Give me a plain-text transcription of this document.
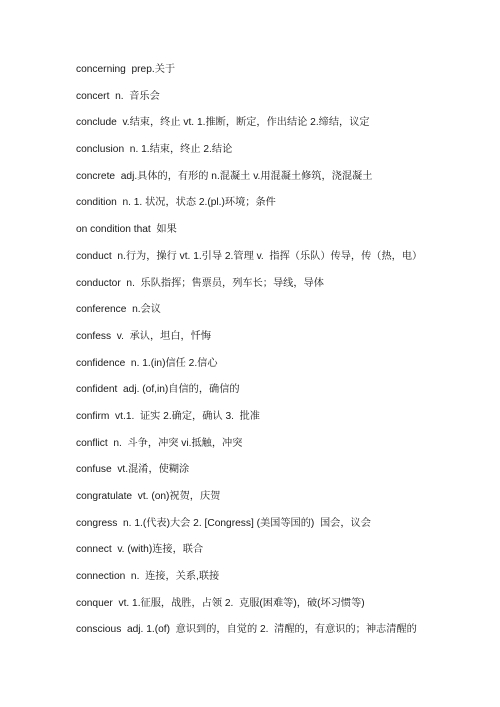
concerning  prep.关于
concert  n.  音乐会
conclude  v.结束，终止 vt. 1.推断，断定，作出结论 2.缔结，议定
conclusion  n. 1.结束，终止 2.结论
concrete  adj.具体的，有形的 n.混凝土 v.用混凝土修筑，浇混凝土
condition  n. 1. 状况，状态 2.(pl.)环境；条件
on condition that  如果
conduct  n.行为，操行 vt. 1.引导 2.管理 v.  指挥（乐队）传导，传（热，电）
conductor  n.  乐队指挥；售票员，列车长；导线，导体
conference  n.会议
confess  v.  承认，坦白，忏悔
confidence  n. 1.(in)信任 2.信心
confident  adj. (of,in)自信的，确信的
confirm  vt.1.  证实 2.确定，确认 3.  批准
conflict  n.  斗争，冲突 vi.抵触，冲突
confuse  vt.混淆，使糊涂
congratulate  vt. (on)祝贺，庆贺
congress  n. 1.(代表)大会 2. [Congress] (美国等国的)  国会，议会
connect  v. (with)连接，联合
connection  n.  连接，关系,联接
conquer  vt. 1.征服，战胜，占领 2.  克服(困难等)，破(坏习惯等)
conscious  adj. 1.(of)  意识到的，自觉的 2.  清醒的，有意识的；神志清醒的
